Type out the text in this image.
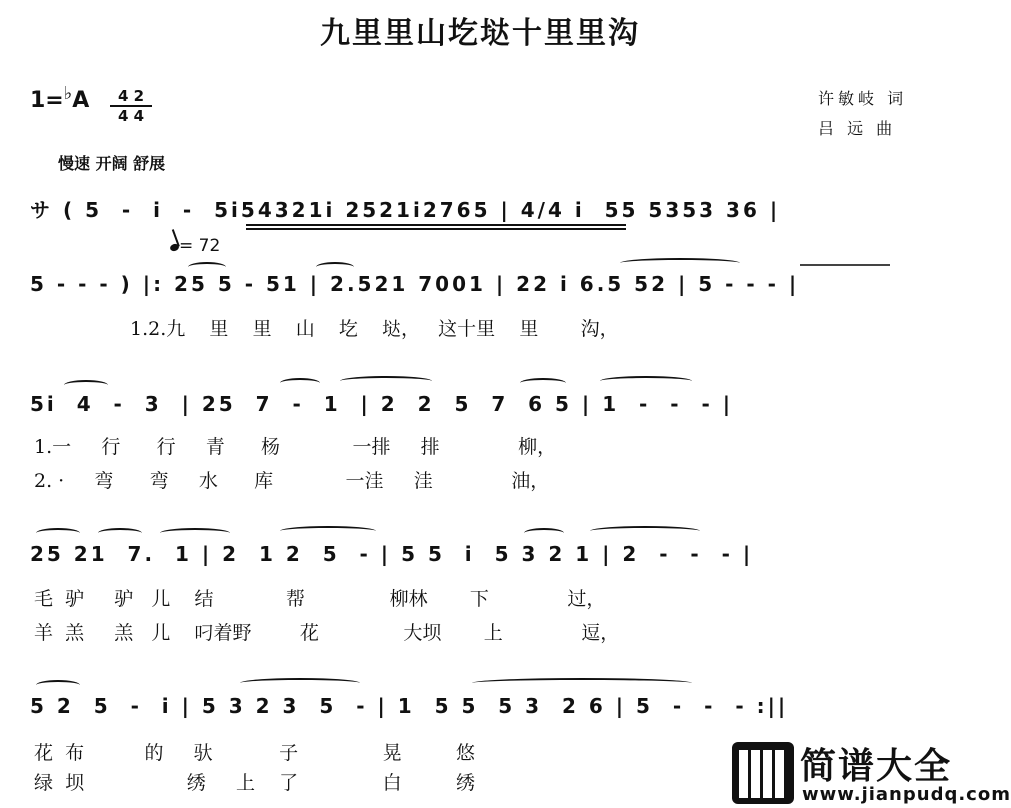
九里里山圪垯十里里沟
1=♭A	4 2
4 4
许敏岐 词
吕 远 曲
慢速 开阔 舒展

サ ( 5  -  i  -  5i54321i 2521i2765 | 4/4 i  55 5353 36 |

= 72

5 - - - ) |: 25 5 - 51 | 2.521 7001 | 22 i 6.5 52 | 5 - - - |

1.2.九    里    里    山    圪    垯，   这十里    里       沟，

5i  4  -  3  | 25  7  -  1  | 2  2  5  7  6 5 | 1  -  -  - |

1.一     行      行     青      杨            一排     排             柳，
2. ·     弯      弯     水      库            一洼     洼             油，

25 21  7.  1 | 2  1 2  5  - | 5 5  i  5 3 2 1 | 2  -  -  - |

毛  驴     驴   儿    结            帮              柳林       下             过，
羊  羔     羔   儿    叼着野        花              大坝       上             逗，

5 2  5  -  i | 5 3 2 3  5  - | 1  5 5  5 3  2 6 | 5  -  -  - :||

花  布          的     驮           子              晃         悠
绿  坝                 绣     上    了              白         绣	简谱大全
www.jianpudq.com
